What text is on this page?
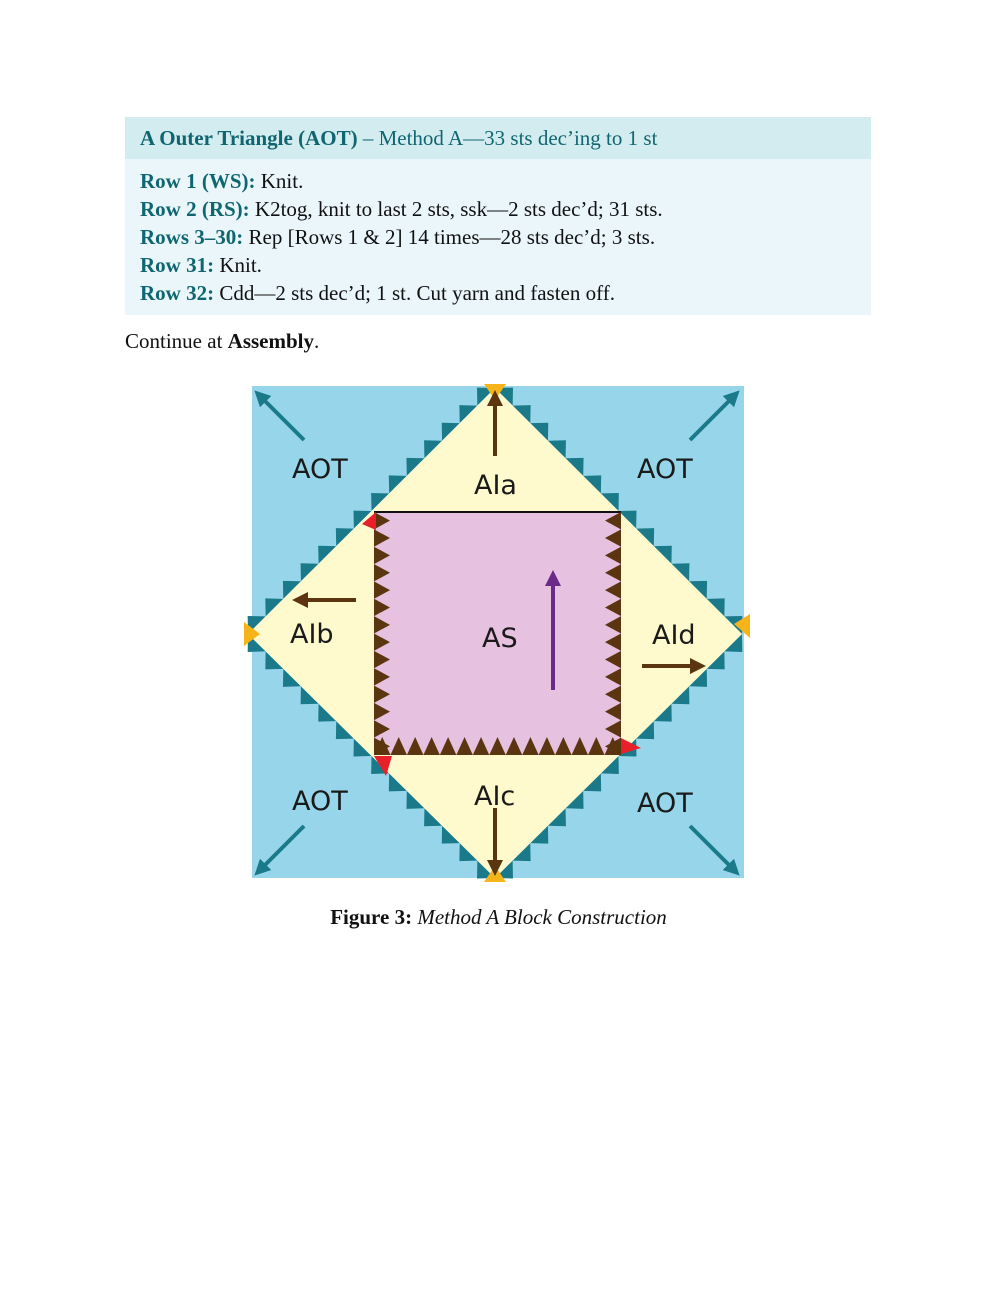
A Outer Triangle (AOT) – Method A—33 sts dec’ing to 1 st
Row 1 (WS): Knit.
Row 2 (RS): K2tog, knit to last 2 sts, ssk—2 sts dec’d; 31 sts.
Rows 3–30: Rep [Rows 1 & 2] 14 times—28 sts dec’d; 3 sts.
Row 31: Knit.
Row 32: Cdd—2 sts dec’d; 1 st. Cut yarn and fasten off.
Continue at Assembly.
AOT	AOT
AOT	AOT
AIa
AIb
AIc
AId
AS
Figure 3: Method A Block Construction
